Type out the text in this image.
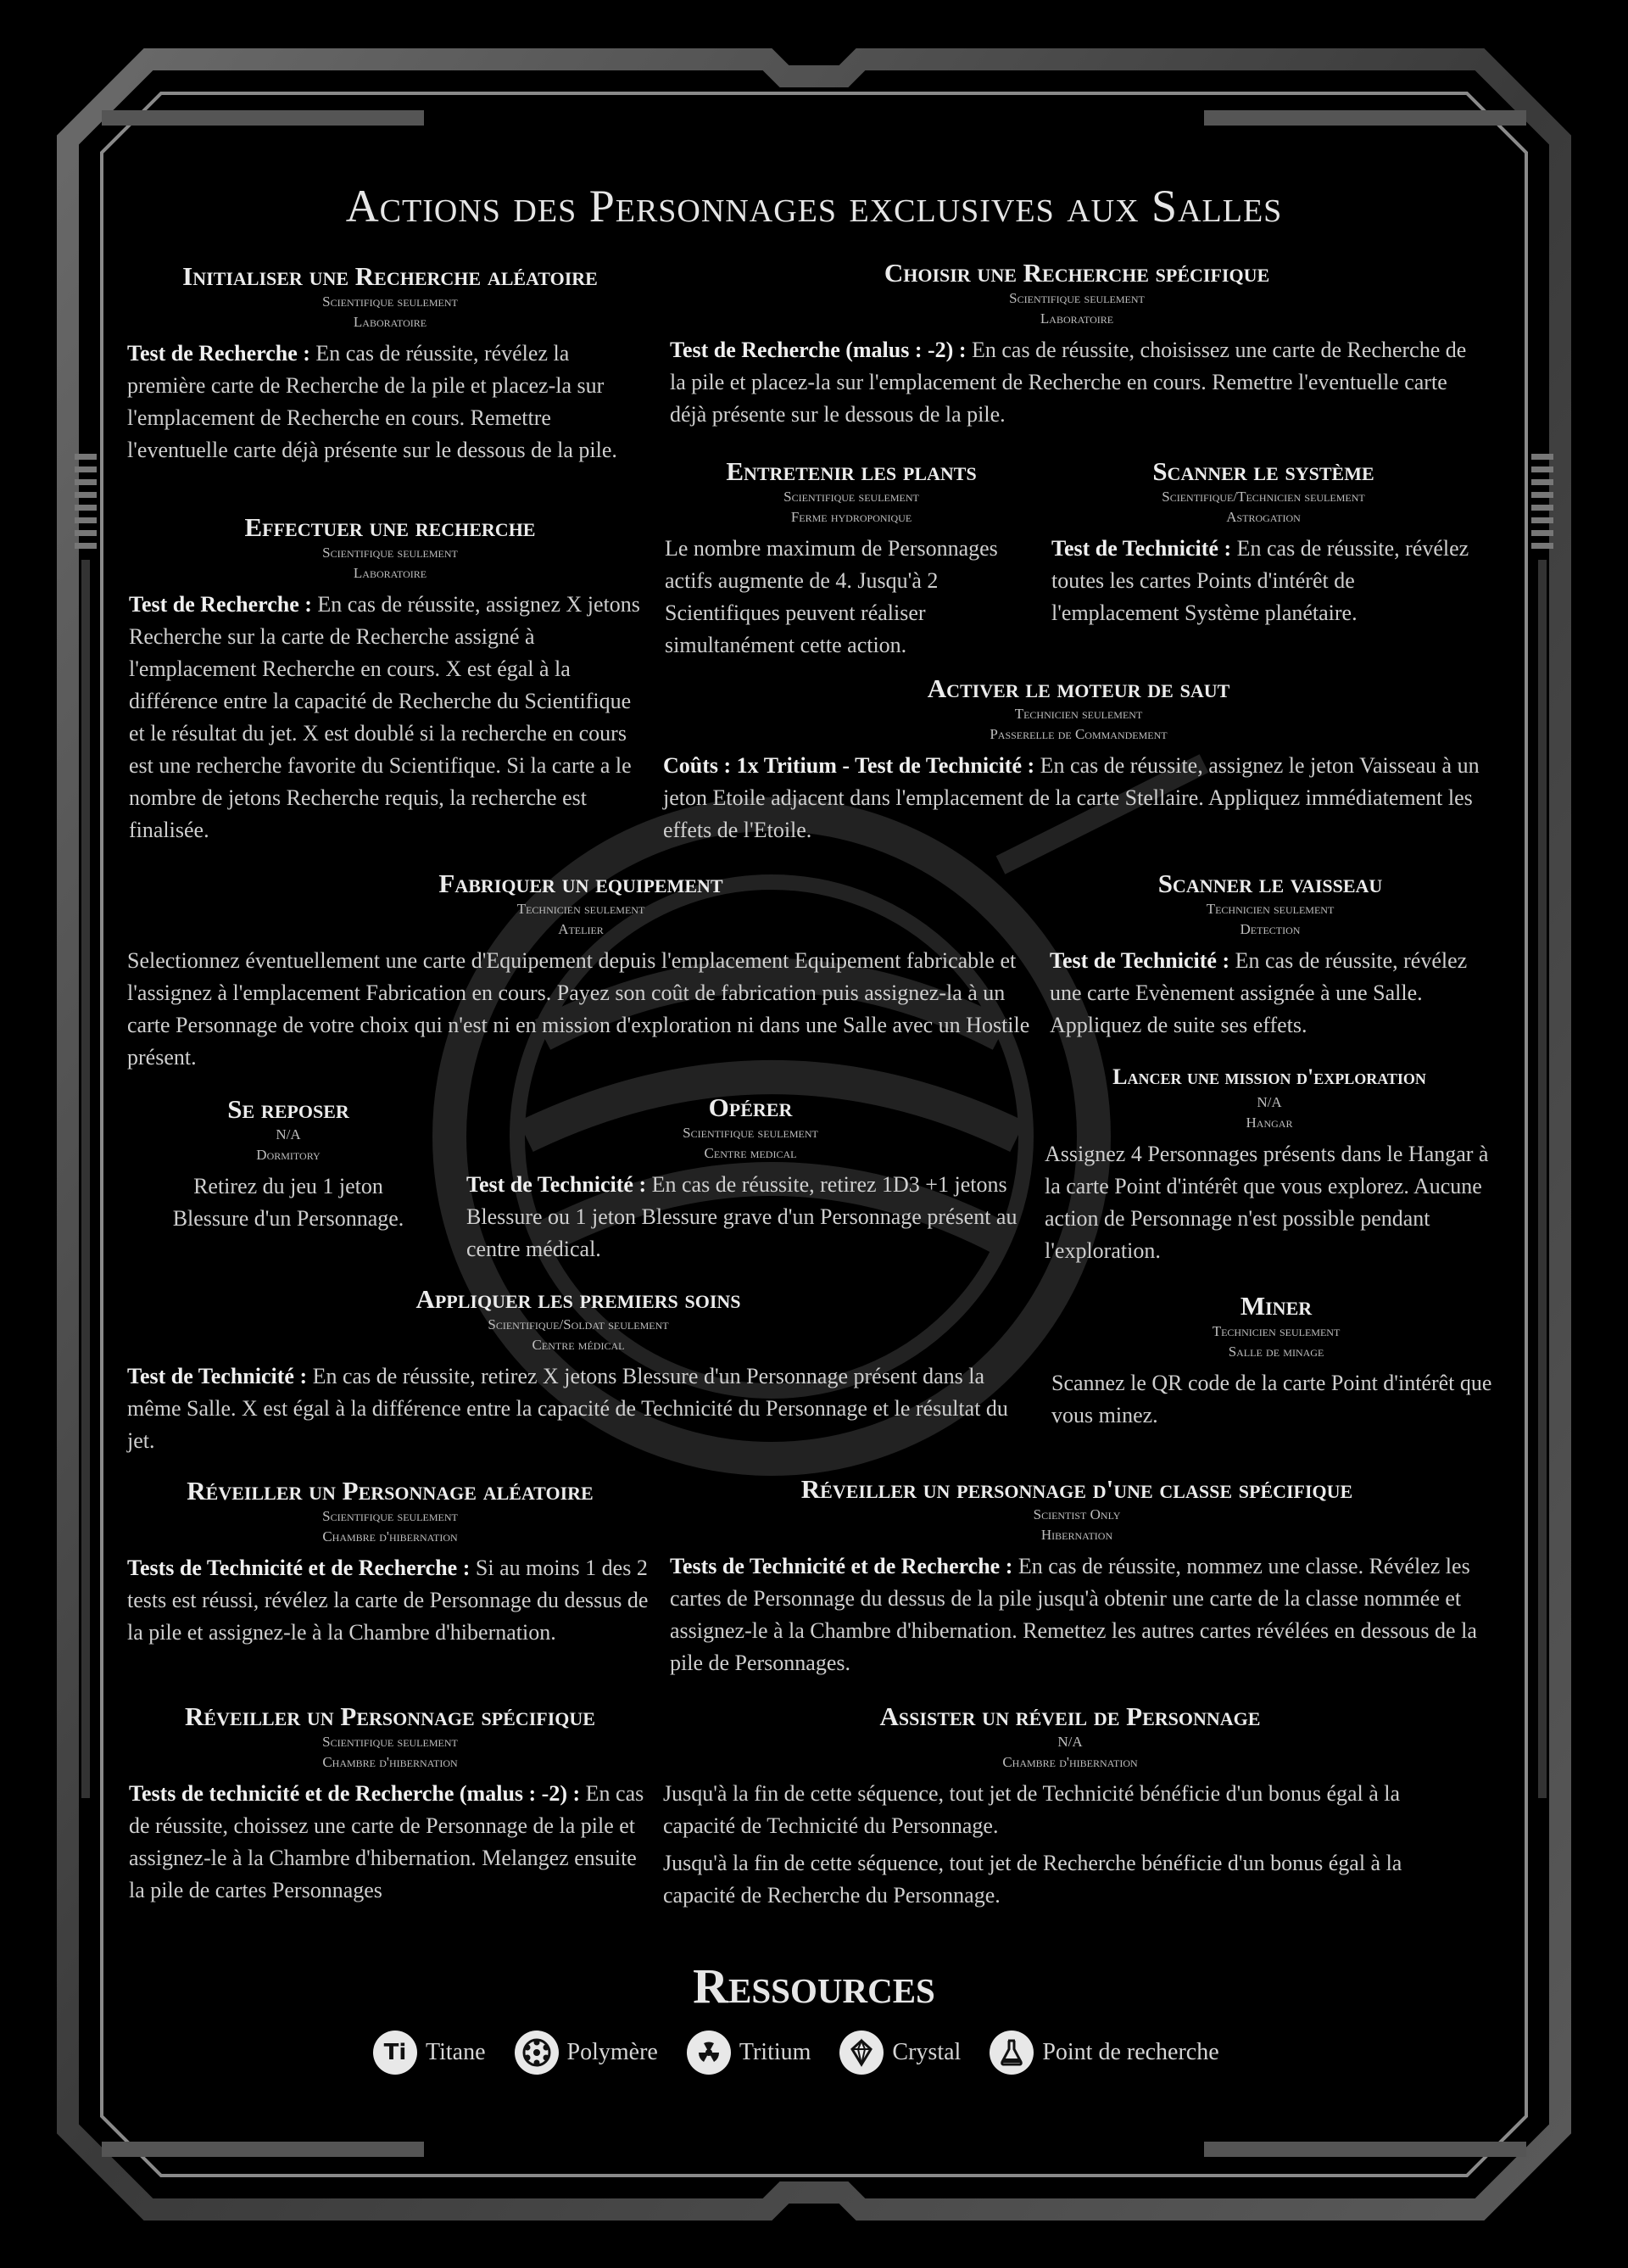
Actions des Personnages exclusives aux Salles
Initialiser une Recherche aléatoire
Scientifique seulement
Laboratoire
Test de Recherche : En cas de réussite, révélez la première carte de Recherche de la pile et placez-la sur l'emplacement de Recherche en cours. Remettre l'eventuelle carte déjà présente sur le dessous de la pile.
Choisir une Recherche spécifique
Scientifique seulement
Laboratoire
Test de Recherche (malus : -2) : En cas de réussite, choisissez une carte de Recherche de la pile et placez-la sur l'emplacement de Recherche en cours. Remettre l'eventuelle carte déjà présente sur le dessous de la pile.
Effectuer une recherche
Scientifique seulement
Laboratoire
Test de Recherche : En cas de réussite, assignez X jetons Recherche sur la carte de Recherche assigné à l'emplacement Recherche en cours. X est égal à la différence entre la capacité de Recherche du Scientifique et le résultat du jet. X est doublé si la recherche en cours est une recherche favorite du Scientifique. Si la carte a le nombre de jetons Recherche requis, la recherche est finalisée.
Entretenir les plants
Scientifique seulement
Ferme hydroponique
Le nombre maximum de Personnages actifs augmente de 4. Jusqu'à 2 Scientifiques peuvent réaliser simultanément cette action.
Scanner le système
Scientifique/Technicien seulement
Astrogation
Test de Technicité : En cas de réussite, révélez toutes les cartes Points d'intérêt de l'emplacement Système planétaire.
Activer le moteur de saut
Technicien seulement
Passerelle de Commandement
Coûts : 1x Tritium - Test de Technicité : En cas de réussite, assignez le jeton Vaisseau à un jeton Etoile adjacent dans l'emplacement de la carte Stellaire. Appliquez immédiatement les effets de l'Etoile.
Fabriquer un equipement
Technicien seulement
Atelier
Selectionnez éventuellement une carte d'Equipement depuis l'emplacement Equipement fabricable et l'assignez à l'emplacement Fabrication en cours. Payez son coût de fabrication puis assignez-la à un carte Personnage de votre choix qui n'est ni en mission d'exploration ni dans une Salle avec un Hostile présent.
Scanner le vaisseau
Technicien seulement
Detection
Test de Technicité : En cas de réussite, révélez une carte Evènement assignée à une Salle. Appliquez de suite ses effets.
Se reposer
N/A
Dormitory
Retirez du jeu 1 jeton Blessure d'un Personnage.
Opérer
Scientifique seulement
Centre medical
Test de Technicité : En cas de réussite, retirez 1D3 +1 jetons Blessure ou 1 jeton Blessure grave d'un Personnage présent au centre médical.
Lancer une mission d'exploration
N/A
Hangar
Assignez 4 Personnages présents dans le Hangar à la carte Point d'intérêt que vous explorez. Aucune action de Personnage n'est possible pendant l'exploration.
Appliquer les premiers soins
Scientifique/Soldat seulement
Centre médical
Test de Technicité : En cas de réussite, retirez X jetons Blessure d'un Personnage présent dans la même Salle. X est égal à la différence entre la capacité de Technicité du Personnage et le résultat du jet.
Miner
Technicien seulement
Salle de minage
Scannez le QR code de la carte Point d'intérêt que vous minez.
Réveiller un Personnage aléatoire
Scientifique seulement
Chambre d'hibernation
Tests de Technicité et de Recherche : Si au moins 1 des 2 tests est réussi, révélez la carte de Personnage du dessus de la pile et assignez-le à la Chambre d'hibernation.
Réveiller un personnage d'une classe spécifique
Scientist Only
Hibernation
Tests de Technicité et de Recherche : En cas de réussite, nommez une classe. Révélez les cartes de Personnage du dessus de la pile jusqu'à obtenir une carte de la classe nommée et assignez-le à la Chambre d'hibernation. Remettez les autres cartes révélées en dessous de la pile de Personnages.
Réveiller un Personnage spécifique
Scientifique seulement
Chambre d'hibernation
Tests de technicité et de Recherche (malus : -2) : En cas de réussite, choissez une carte de Personnage de la pile et assignez-le à la Chambre d'hibernation. Melangez ensuite la pile de cartes Personnages
Assister un réveil de Personnage
N/A
Chambre d'hibernation
Jusqu'à la fin de cette séquence, tout jet de Technicité bénéficie d'un bonus égal à la capacité de Technicité du Personnage.
Jusqu'à la fin de cette séquence, tout jet de Recherche bénéficie d'un bonus égal à la capacité de Recherche du Personnage.
Ressources
Ti Titane	Polymère	Tritium	Crystal	Point de recherche
